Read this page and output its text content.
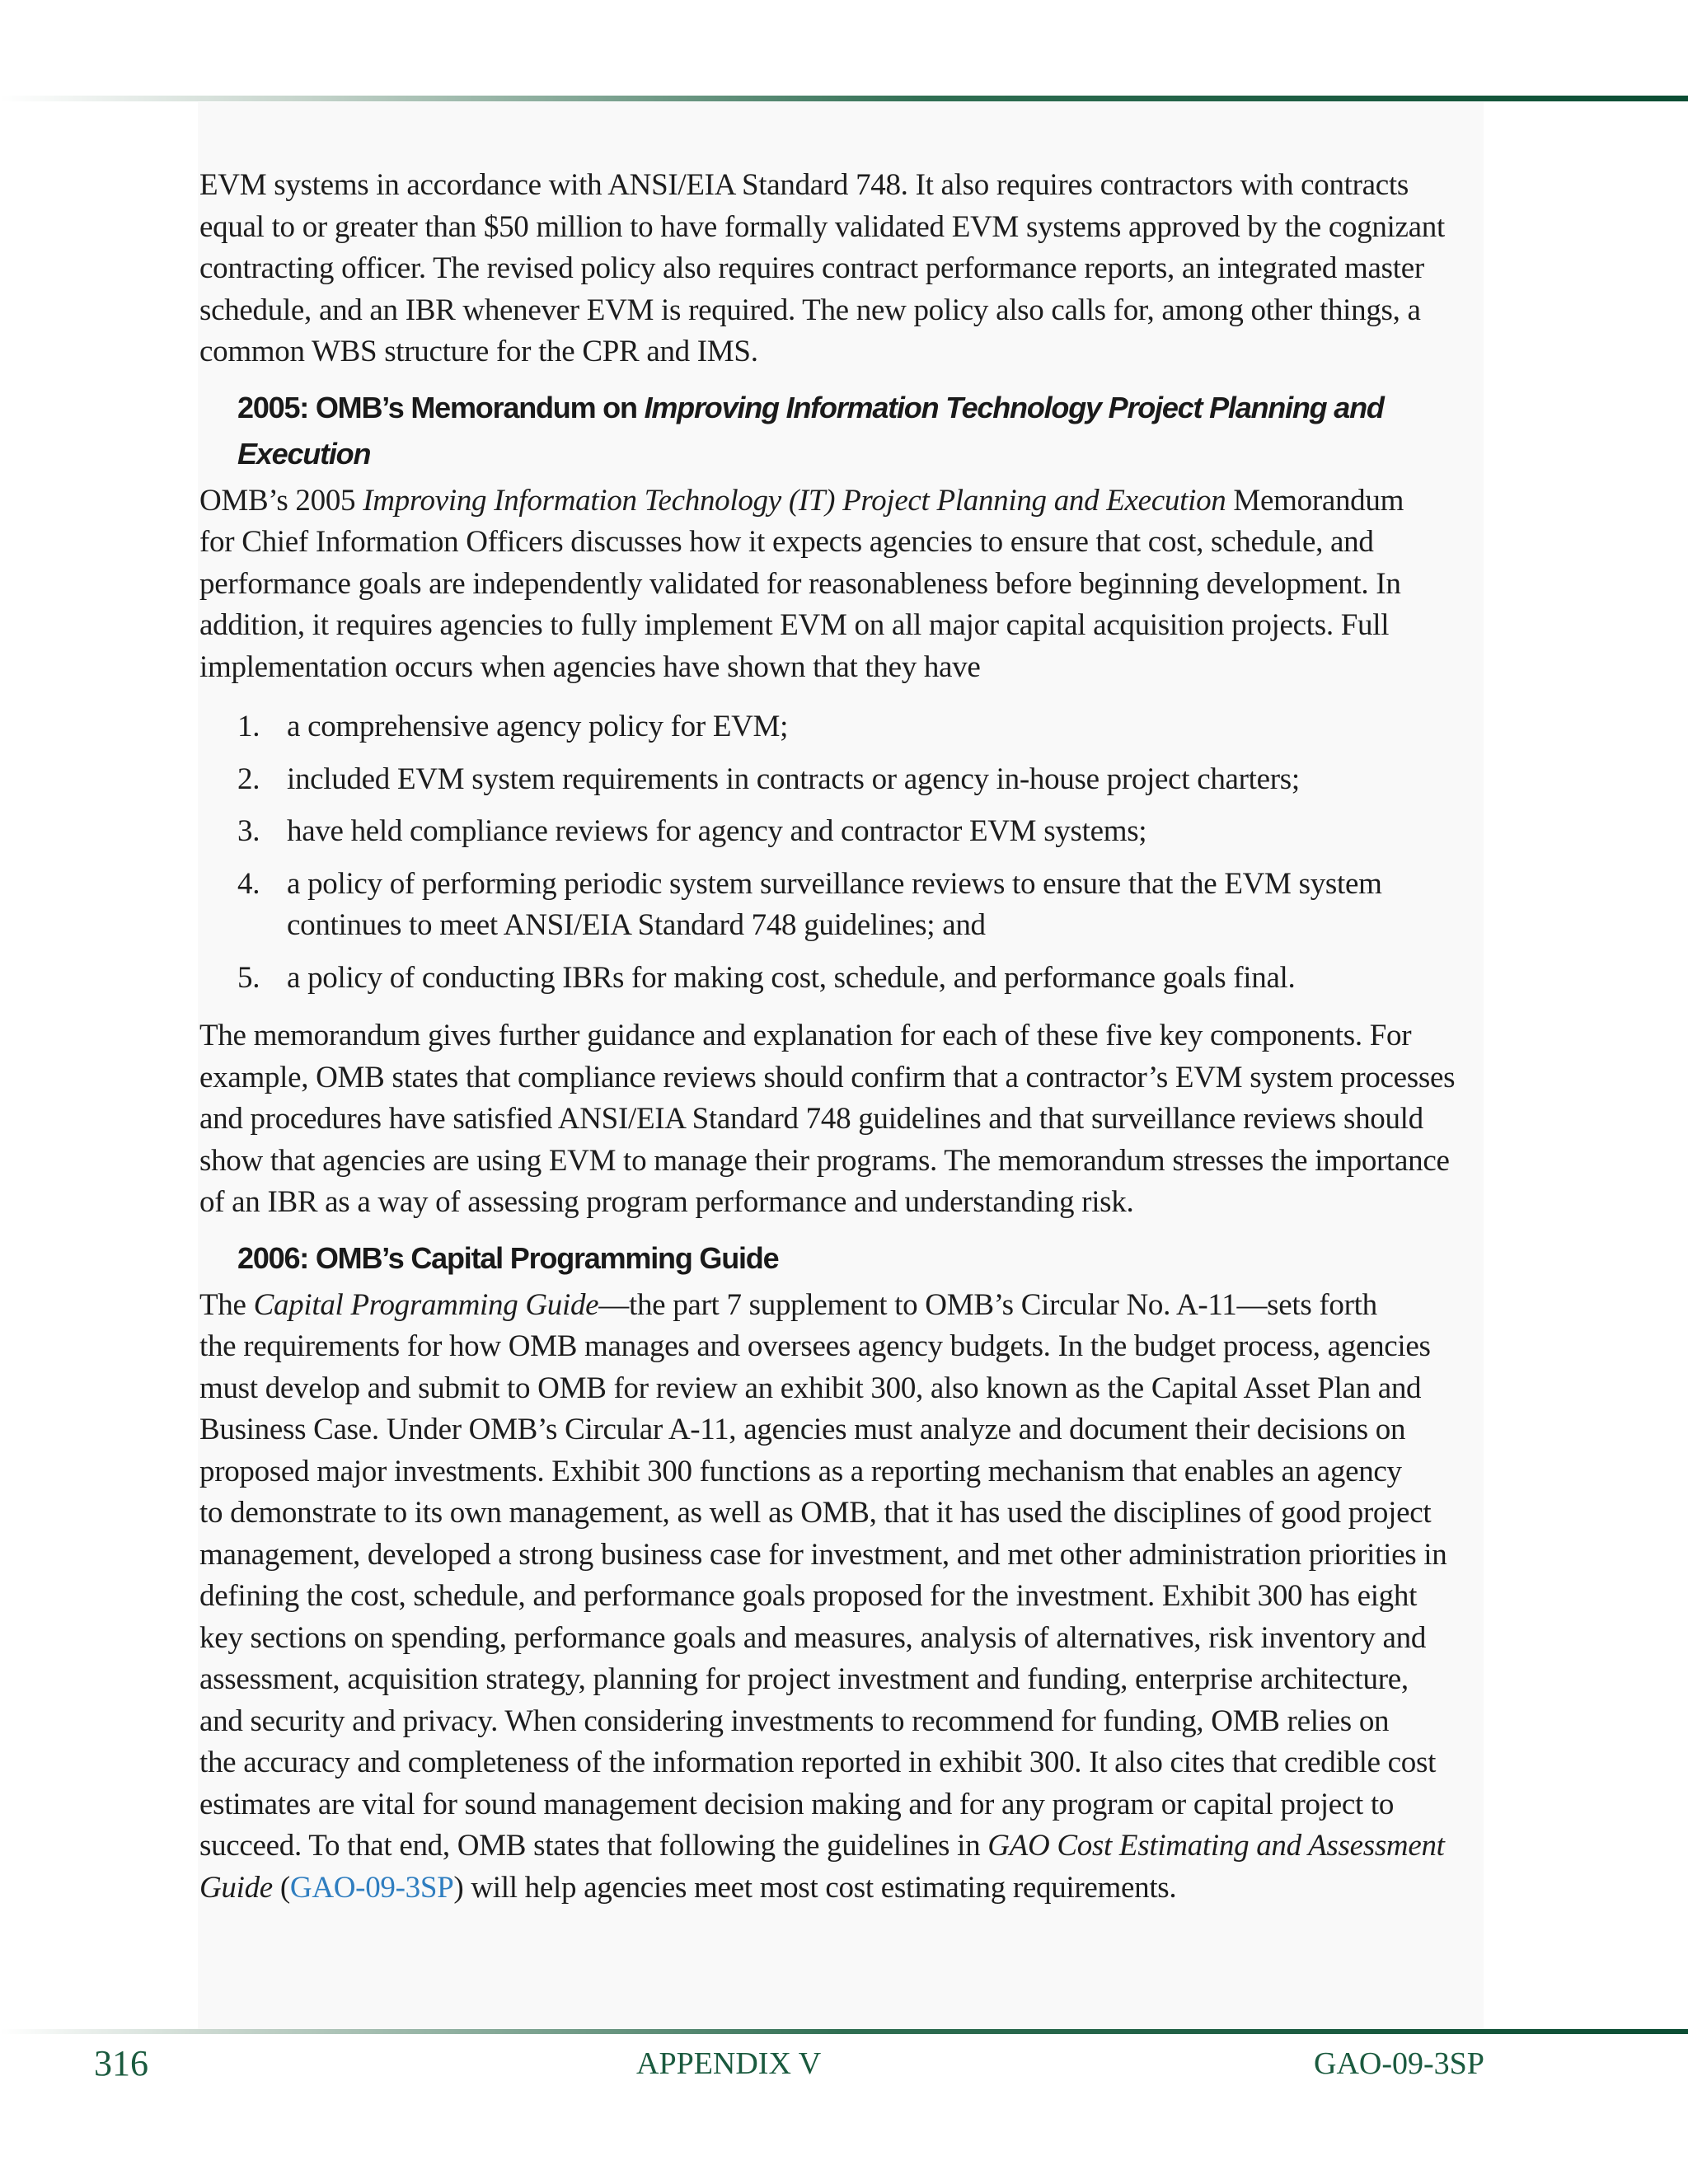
EVM systems in accordance with ANSI/EIA Standard 748. It also requires contractors with contracts
equal to or greater than $50 million to have formally validated EVM systems approved by the cognizant
contracting officer. The revised policy also requires contract performance reports, an integrated master
schedule, and an IBR whenever EVM is required. The new policy also calls for, among other things, a
common WBS structure for the CPR and IMS.

2005: OMB’s Memorandum on Improving Information Technology Project Planning and
Execution

OMB’s 2005 Improving Information Technology (IT) Project Planning and Execution Memorandum
for Chief Information Officers discusses how it expects agencies to ensure that cost, schedule, and
performance goals are independently validated for reasonableness before beginning development. In
addition, it requires agencies to fully implement EVM on all major capital acquisition projects. Full
implementation occurs when agencies have shown that they have

1. a comprehensive agency policy for EVM;
2. included EVM system requirements in contracts or agency in-house project charters;
3. have held compliance reviews for agency and contractor EVM systems;
4. a policy of performing periodic system surveillance reviews to ensure that the EVM system
continues to meet ANSI/EIA Standard 748 guidelines; and
5. a policy of conducting IBRs for making cost, schedule, and performance goals final.

The memorandum gives further guidance and explanation for each of these five key components. For
example, OMB states that compliance reviews should confirm that a contractor’s EVM system processes
and procedures have satisfied ANSI/EIA Standard 748 guidelines and that surveillance reviews should
show that agencies are using EVM to manage their programs. The memorandum stresses the importance
of an IBR as a way of assessing program performance and understanding risk.

2006: OMB’s Capital Programming Guide

The Capital Programming Guide—the part 7 supplement to OMB’s Circular No. A-11—sets forth
the requirements for how OMB manages and oversees agency budgets. In the budget process, agencies
must develop and submit to OMB for review an exhibit 300, also known as the Capital Asset Plan and
Business Case. Under OMB’s Circular A-11, agencies must analyze and document their decisions on
proposed major investments. Exhibit 300 functions as a reporting mechanism that enables an agency
to demonstrate to its own management, as well as OMB, that it has used the disciplines of good project
management, developed a strong business case for investment, and met other administration priorities in
defining the cost, schedule, and performance goals proposed for the investment. Exhibit 300 has eight
key sections on spending, performance goals and measures, analysis of alternatives, risk inventory and
assessment, acquisition strategy, planning for project investment and funding, enterprise architecture,
and security and privacy. When considering investments to recommend for funding, OMB relies on
the accuracy and completeness of the information reported in exhibit 300. It also cites that credible cost
estimates are vital for sound management decision making and for any program or capital project to
succeed. To that end, OMB states that following the guidelines in GAO Cost Estimating and Assessment
Guide (GAO-09-3SP) will help agencies meet most cost estimating requirements.

316	APPENDIX V	GAO-09-3SP
